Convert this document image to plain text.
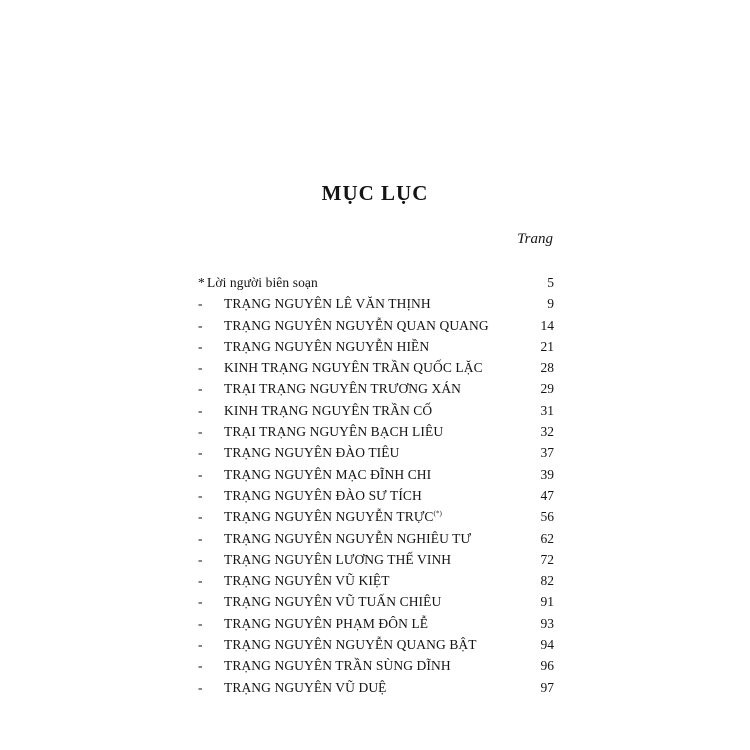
MỤC LỤC
Trang
* Lời người biên soạn	5
-	TRẠNG NGUYÊN LÊ VĂN THỊNH	9
-	TRẠNG NGUYÊN NGUYỄN QUAN QUANG	14
-	TRẠNG NGUYÊN NGUYỄN HIỀN	21
-	KINH TRẠNG NGUYÊN TRẦN QUỐC LẶC	28
-	TRẠI TRẠNG NGUYÊN TRƯƠNG XÁN	29
-	KINH TRẠNG NGUYÊN TRẦN CỐ	31
-	TRẠI TRẠNG NGUYÊN BẠCH LIÊU	32
-	TRẠNG NGUYÊN ĐÀO TIÊU	37
-	TRẠNG NGUYÊN MẠC ĐĨNH CHI	39
-	TRẠNG NGUYÊN ĐÀO SƯ TÍCH	47
-	TRẠNG NGUYÊN NGUYỄN TRỰC(*)	56
-	TRẠNG NGUYÊN NGUYỄN NGHIÊU TƯ	62
-	TRẠNG NGUYÊN LƯƠNG THẾ VINH	72
-	TRẠNG NGUYÊN VŨ KIỆT	82
-	TRẠNG NGUYÊN VŨ TUẤN CHIÊU	91
-	TRẠNG NGUYÊN PHẠM ĐÔN LỄ	93
-	TRẠNG NGUYÊN NGUYỄN QUANG BẬT	94
-	TRẠNG NGUYÊN TRẦN SÙNG DĨNH	96
-	TRẠNG NGUYÊN VŨ DUỆ	97
